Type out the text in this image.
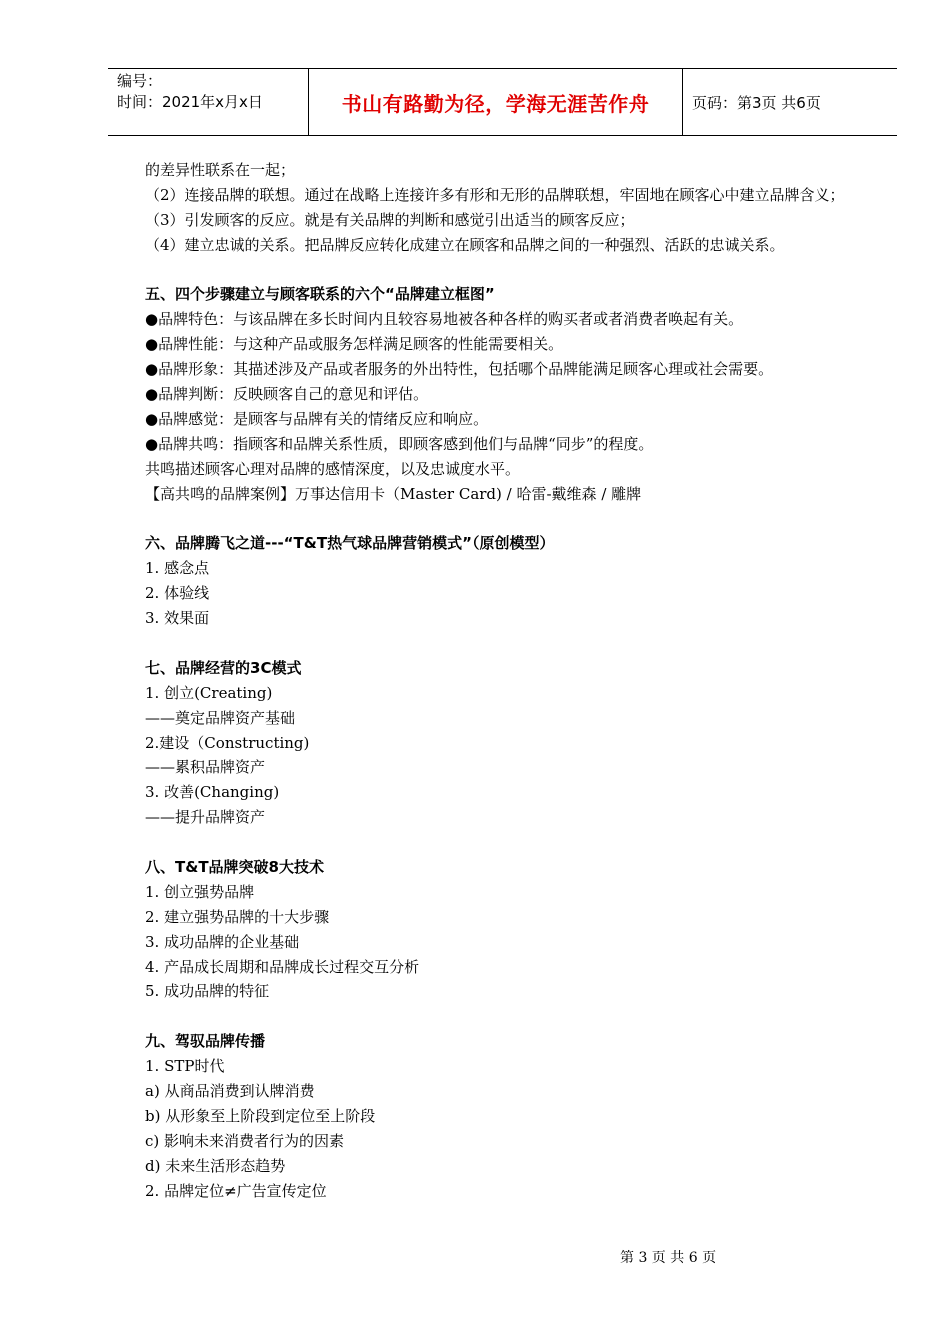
编号：
时间：2021年x月x日	书山有路勤为径，学海无涯苦作舟	页码：第3页 共6页
的差异性联系在一起；
（2）连接品牌的联想。通过在战略上连接许多有形和无形的品牌联想，牢固地在顾客心中建立品牌含义；
（3）引发顾客的反应。就是有关品牌的判断和感觉引出适当的顾客反应；
（4）建立忠诚的关系。把品牌反应转化成建立在顾客和品牌之间的一种强烈、活跃的忠诚关系。
五、四个步骤建立与顾客联系的六个“品牌建立框图”
●品牌特色：与该品牌在多长时间内且较容易地被各种各样的购买者或者消费者唤起有关。
●品牌性能：与这种产品或服务怎样满足顾客的性能需要相关。
●品牌形象：其描述涉及产品或者服务的外出特性，包括哪个品牌能满足顾客心理或社会需要。
●品牌判断：反映顾客自己的意见和评估。
●品牌感觉：是顾客与品牌有关的情绪反应和响应。
●品牌共鸣：指顾客和品牌关系性质，即顾客感到他们与品牌“同步”的程度。
共鸣描述顾客心理对品牌的感情深度，以及忠诚度水平。
【高共鸣的品牌案例】万事达信用卡（Master Card) / 哈雷-戴维森 / 雕牌
六、品牌腾飞之道---“T&T热气球品牌营销模式”（原创模型）
1. 感念点
2. 体验线
3. 效果面
七、品牌经营的3C模式
1. 创立(Creating)
——奠定品牌资产基础
2.建设（Constructing)
——累积品牌资产
3. 改善(Changing)
——提升品牌资产
八、T&T品牌突破8大技术
1. 创立强势品牌
2. 建立强势品牌的十大步骤
3. 成功品牌的企业基础
4. 产品成长周期和品牌成长过程交互分析
5. 成功品牌的特征
九、驾驭品牌传播
1. STP时代
a) 从商品消费到认牌消费
b) 从形象至上阶段到定位至上阶段
c) 影响未来消费者行为的因素
d) 未来生活形态趋势
2. 品牌定位≠广告宣传定位
第 3 页 共 6 页
